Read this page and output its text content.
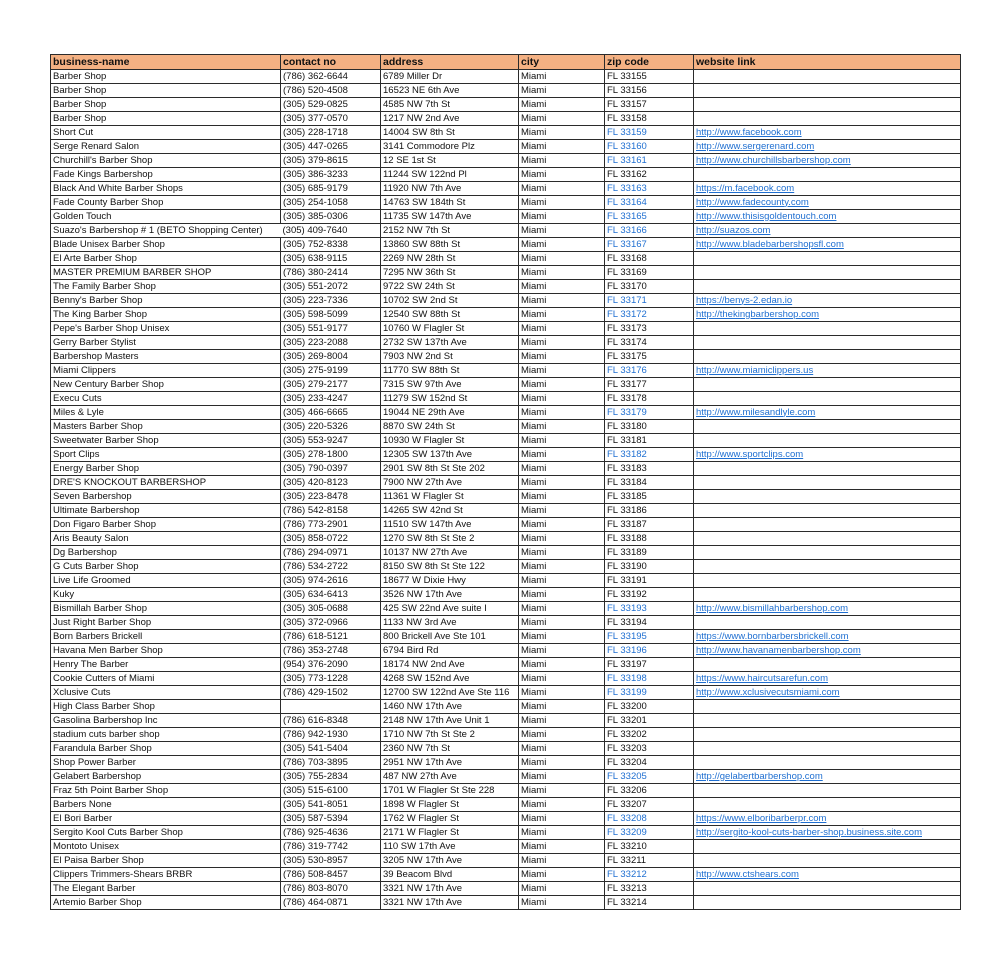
business-name	contact no	address	city	zip code	website link
Barber Shop	(786) 362-6644	6789 Miller Dr	Miami	FL 33155	
Barber Shop	(786) 520-4508	16523 NE 6th Ave	Miami	FL 33156	
Barber Shop	(305) 529-0825	4585 NW 7th St	Miami	FL 33157	
Barber Shop	(305) 377-0570	1217 NW 2nd Ave	Miami	FL 33158	
Short Cut	(305) 228-1718	14004 SW 8th St	Miami	FL 33159	http://www.facebook.com
Serge Renard Salon	(305) 447-0265	3141 Commodore Plz	Miami	FL 33160	http://www.sergerenard.com
Churchill's Barber Shop	(305) 379-8615	12 SE 1st St	Miami	FL 33161	http://www.churchillsbarbershop.com
Fade Kings Barbershop	(305) 386-3233	11244 SW 122nd Pl	Miami	FL 33162	
Black And White Barber Shops	(305) 685-9179	11920 NW 7th Ave	Miami	FL 33163	https://m.facebook.com
Fade County Barber Shop	(305) 254-1058	14763 SW 184th St	Miami	FL 33164	http://www.fadecounty.com
Golden Touch	(305) 385-0306	11735 SW 147th Ave	Miami	FL 33165	http://www.thisisgoldentouch.com
Suazo's Barbershop # 1 (BETO Shopping Center)	(305) 409-7640	2152 NW 7th St	Miami	FL 33166	http://suazos.com
Blade Unisex Barber Shop	(305) 752-8338	13860 SW 88th St	Miami	FL 33167	http://www.bladebarbershopsfl.com
El Arte Barber Shop	(305) 638-9115	2269 NW 28th St	Miami	FL 33168	
MASTER PREMIUM BARBER SHOP	(786) 380-2414	7295 NW 36th St	Miami	FL 33169	
The Family Barber Shop	(305) 551-2072	9722 SW 24th St	Miami	FL 33170	
Benny's Barber Shop	(305) 223-7336	10702 SW 2nd St	Miami	FL 33171	https://benys-2.edan.io
The King Barber Shop	(305) 598-5099	12540 SW 88th St	Miami	FL 33172	http://thekingbarbershop.com
Pepe's Barber Shop Unisex	(305) 551-9177	10760 W Flagler St	Miami	FL 33173	
Gerry Barber Stylist	(305) 223-2088	2732 SW 137th Ave	Miami	FL 33174	
Barbershop Masters	(305) 269-8004	7903 NW 2nd St	Miami	FL 33175	
Miami Clippers	(305) 275-9199	11770 SW 88th St	Miami	FL 33176	http://www.miamiclippers.us
New Century Barber Shop	(305) 279-2177	7315 SW 97th Ave	Miami	FL 33177	
Execu Cuts	(305) 233-4247	11279 SW 152nd St	Miami	FL 33178	
Miles & Lyle	(305) 466-6665	19044 NE 29th Ave	Miami	FL 33179	http://www.milesandlyle.com
Masters Barber Shop	(305) 220-5326	8870 SW 24th St	Miami	FL 33180	
Sweetwater Barber Shop	(305) 553-9247	10930 W Flagler St	Miami	FL 33181	
Sport Clips	(305) 278-1800	12305 SW 137th Ave	Miami	FL 33182	http://www.sportclips.com
Energy Barber Shop	(305) 790-0397	2901 SW 8th St Ste 202	Miami	FL 33183	
DRE'S KNOCKOUT BARBERSHOP	(305) 420-8123	7900 NW 27th Ave	Miami	FL 33184	
Seven Barbershop	(305) 223-8478	11361 W Flagler St	Miami	FL 33185	
Ultimate Barbershop	(786) 542-8158	14265 SW 42nd St	Miami	FL 33186	
Don Figaro Barber Shop	(786) 773-2901	11510 SW 147th Ave	Miami	FL 33187	
Aris Beauty Salon	(305) 858-0722	1270 SW 8th St Ste 2	Miami	FL 33188	
Dg Barbershop	(786) 294-0971	10137 NW 27th Ave	Miami	FL 33189	
G Cuts Barber Shop	(786) 534-2722	8150 SW 8th St Ste 122	Miami	FL 33190	
Live Life Groomed	(305) 974-2616	18677 W Dixie Hwy	Miami	FL 33191	
Kuky	(305) 634-6413	3526 NW 17th Ave	Miami	FL 33192	
Bismillah Barber Shop	(305) 305-0688	425 SW 22nd Ave suite I	Miami	FL 33193	http://www.bismillahbarbershop.com
Just Right Barber Shop	(305) 372-0966	1133 NW 3rd Ave	Miami	FL 33194	
Born Barbers Brickell	(786) 618-5121	800 Brickell Ave Ste 101	Miami	FL 33195	https://www.bornbarbersbrickell.com
Havana Men Barber Shop	(786) 353-2748	6794 Bird Rd	Miami	FL 33196	http://www.havanamenbarbershop.com
Henry The Barber	(954) 376-2090	18174 NW 2nd Ave	Miami	FL 33197	
Cookie Cutters of Miami	(305) 773-1228	4268 SW 152nd Ave	Miami	FL 33198	https://www.haircutsarefun.com
Xclusive Cuts	(786) 429-1502	12700 SW 122nd Ave Ste 116	Miami	FL 33199	http://www.xclusivecutsmiami.com
High Class Barber Shop		1460 NW 17th Ave	Miami	FL 33200	
Gasolina Barbershop Inc	(786) 616-8348	2148 NW 17th Ave Unit 1	Miami	FL 33201	
stadium cuts barber shop	(786) 942-1930	1710 NW 7th St Ste 2	Miami	FL 33202	
Farandula Barber Shop	(305) 541-5404	2360 NW 7th St	Miami	FL 33203	
Shop Power Barber	(786) 703-3895	2951 NW 17th Ave	Miami	FL 33204	
Gelabert Barbershop	(305) 755-2834	487 NW 27th Ave	Miami	FL 33205	http://gelabertbarbershop.com
Fraz 5th Point Barber Shop	(305) 515-6100	1701 W Flagler St Ste 228	Miami	FL 33206	
Barbers None	(305) 541-8051	1898 W Flagler St	Miami	FL 33207	
El Bori Barber	(305) 587-5394	1762 W Flagler St	Miami	FL 33208	https://www.elboribarberpr.com
Sergito Kool Cuts Barber Shop	(786) 925-4636	2171 W Flagler St	Miami	FL 33209	http://sergito-kool-cuts-barber-shop.business.site.com
Montoto Unisex	(786) 319-7742	110 SW 17th Ave	Miami	FL 33210	
El Paisa Barber Shop	(305) 530-8957	3205 NW 17th Ave	Miami	FL 33211	
Clippers Trimmers-Shears BRBR	(786) 508-8457	39 Beacom Blvd	Miami	FL 33212	http://www.ctshears.com
The Elegant Barber	(786) 803-8070	3321 NW 17th Ave	Miami	FL 33213	
Artemio Barber Shop	(786) 464-0871	3321 NW 17th Ave	Miami	FL 33214	
